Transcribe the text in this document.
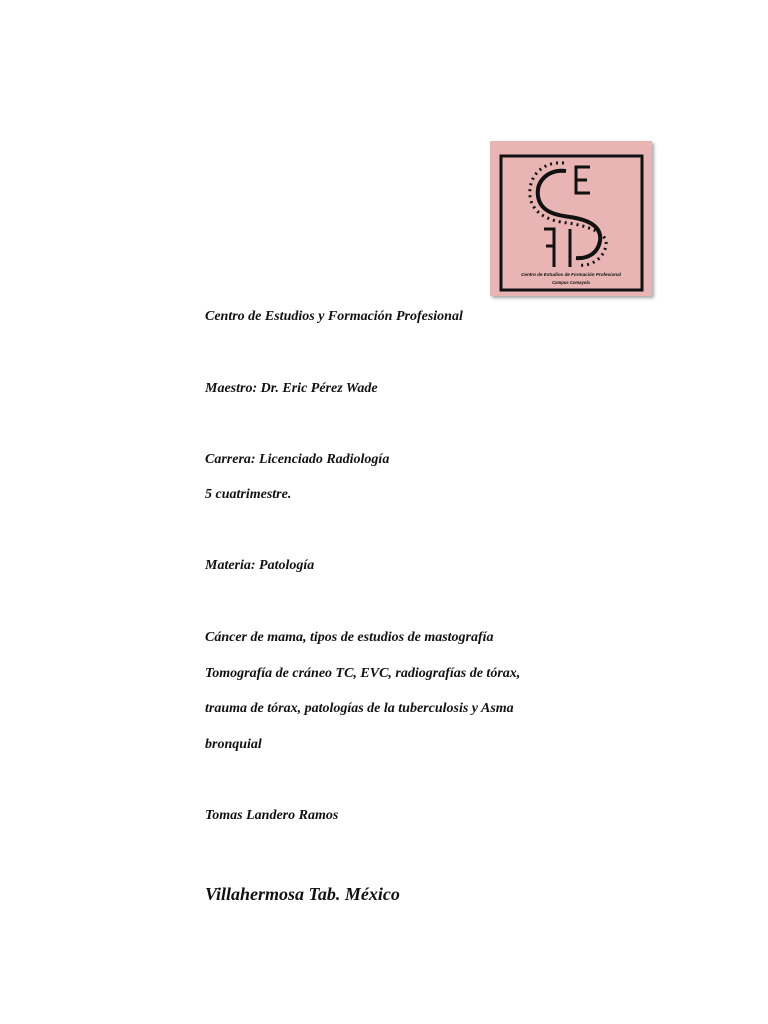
Centro de Estudios de Formación Profesional
Campus Comayola
Centro de Estudios y Formación Profesional
Maestro: Dr. Eric Pérez Wade
Carrera: Licenciado Radiología
5 cuatrimestre.
Materia: Patología
Cáncer de mama, tipos de estudios de mastografía
Tomografía de cráneo TC, EVC, radiografías de tórax,
trauma de tórax, patologías de la tuberculosis y Asma
bronquial
Tomas Landero Ramos
Villahermosa Tab. México
